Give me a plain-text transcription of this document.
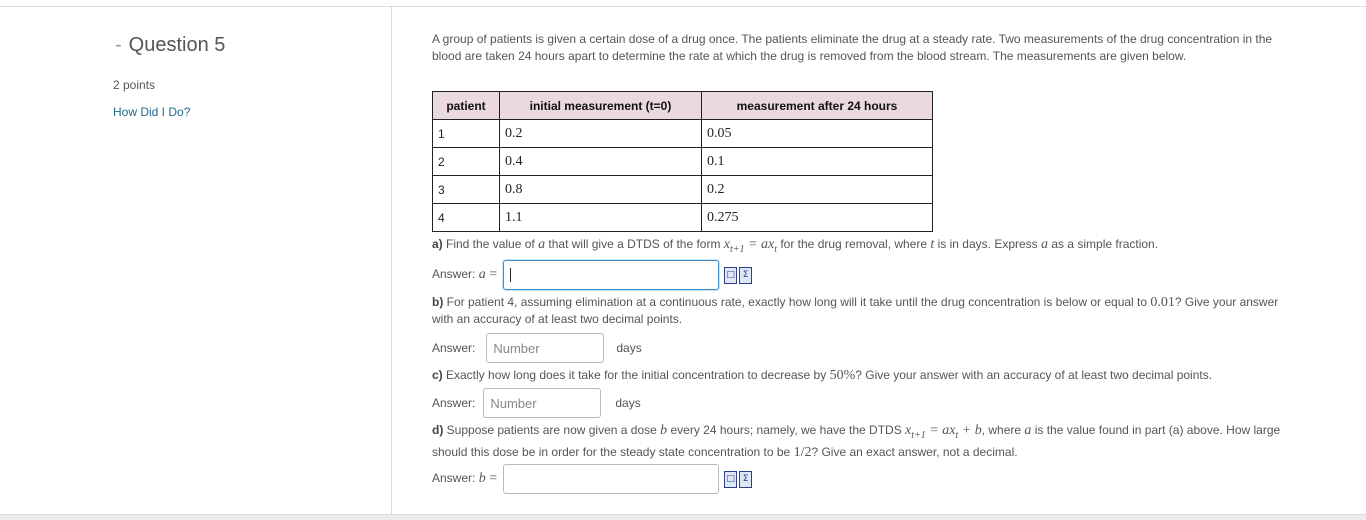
- Question 5
2 points
How Did I Do?
A group of patients is given a certain dose of a drug once. The patients eliminate the drug at a steady rate. Two measurements of the drug concentration in the blood are taken 24 hours apart to determine the rate at which the drug is removed from the blood stream. The measurements are given below.
patient	initial measurement (t=0)	measurement after 24 hours
1	0.2	0.05
2	0.4	0.1
3	0.8	0.2
4	1.1	0.275
a) Find the value of a that will give a DTDS of the form $x_{t+1} = ax_t$ for the drug removal, where t is in days. Express a as a simple fraction.
Answer: a =	□ Σ
b) For patient 4, assuming elimination at a continuous rate, exactly how long will it take until the drug concentration is below or equal to 0.01? Give your answer with an accuracy of at least two decimal points.
Answer:	Number	days
c) Exactly how long does it take for the initial concentration to decrease by 50%? Give your answer with an accuracy of at least two decimal points.
Answer:	Number	days
d) Suppose patients are now given a dose b every 24 hours; namely, we have the DTDS $x_{t+1} = ax_t + b$, where a is the value found in part (a) above. How large should this dose be in order for the steady state concentration to be 1/2? Give an exact answer, not a decimal.
Answer: b =	□ Σ
